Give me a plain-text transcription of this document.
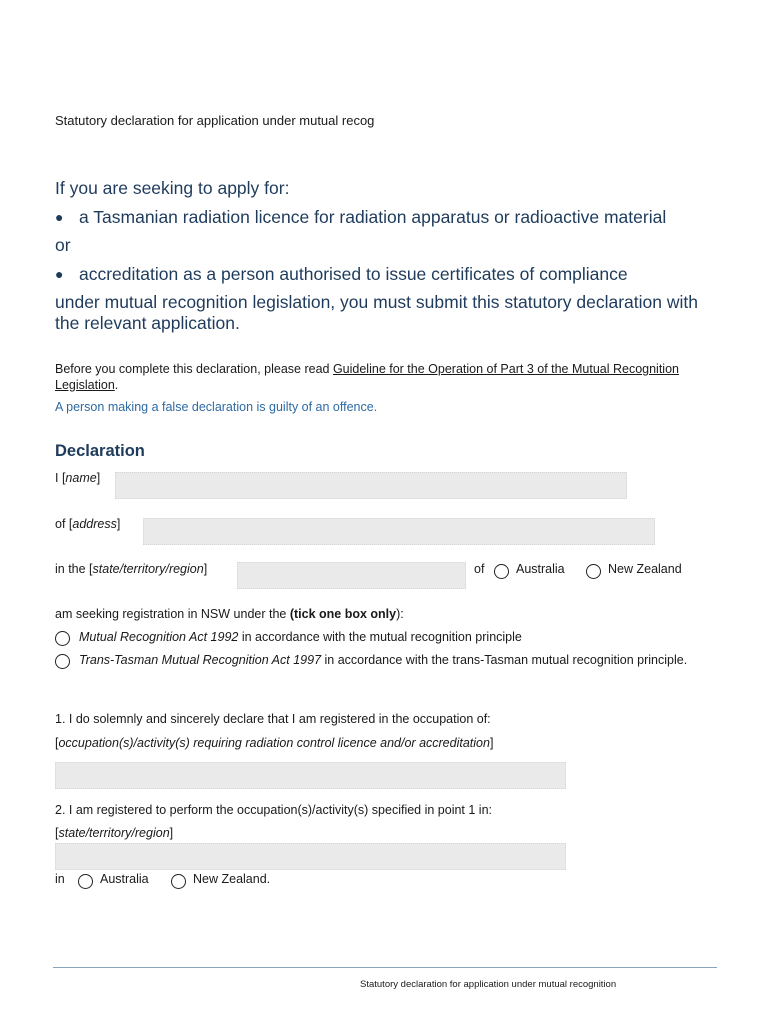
Statutory declaration for application under mutual recog

If you are seeking to apply for:

● a Tasmanian radiation licence for radiation apparatus or radioactive material

or

● accreditation as a person authorised to issue certificates of compliance

under mutual recognition legislation, you must submit this statutory declaration with the relevant application.

Before you complete this declaration, please read Guideline for the Operation of Part 3 of the Mutual Recognition Legislation.
A person making a false declaration is guilty of an offence.
Declaration
I [name]
of [address]
in the [state/territory/region]	of	Australia	New Zealand
am seeking registration in NSW under the (tick one box only):
Mutual Recognition Act 1992 in accordance with the mutual recognition principle
Trans-Tasman Mutual Recognition Act 1997 in accordance with the trans-Tasman mutual recognition principle.
1. I do solemnly and sincerely declare that I am registered in the occupation of:
[occupation(s)/activity(s) requiring radiation control licence and/or accreditation]
2. I am registered to perform the occupation(s)/activity(s) specified in point 1 in:
[state/territory/region]
in	Australia	New Zealand.
Statutory declaration for application under mutual recognition
